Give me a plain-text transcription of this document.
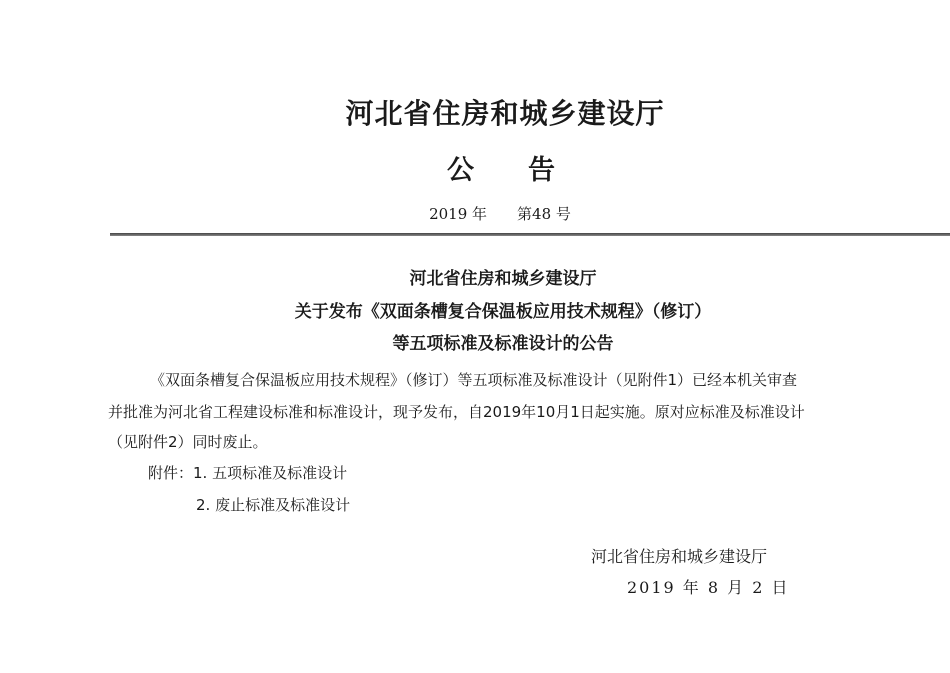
河北省住房和城乡建设厅
公　　告
2019 年 第48 号
河北省住房和城乡建设厅
关于发布《双面条槽复合保温板应用技术规程》（修订）
等五项标准及标准设计的公告
《双面条槽复合保温板应用技术规程》（修订）等五项标准及标准设计（见附件1）已经本机关审查
并批准为河北省工程建设标准和标准设计，现予发布，自2019年10月1日起实施。原对应标准及标准设计
（见附件2）同时废止。
附件：1. 五项标准及标准设计
2. 废止标准及标准设计
河北省住房和城乡建设厅
2019 年 8 月 2 日
